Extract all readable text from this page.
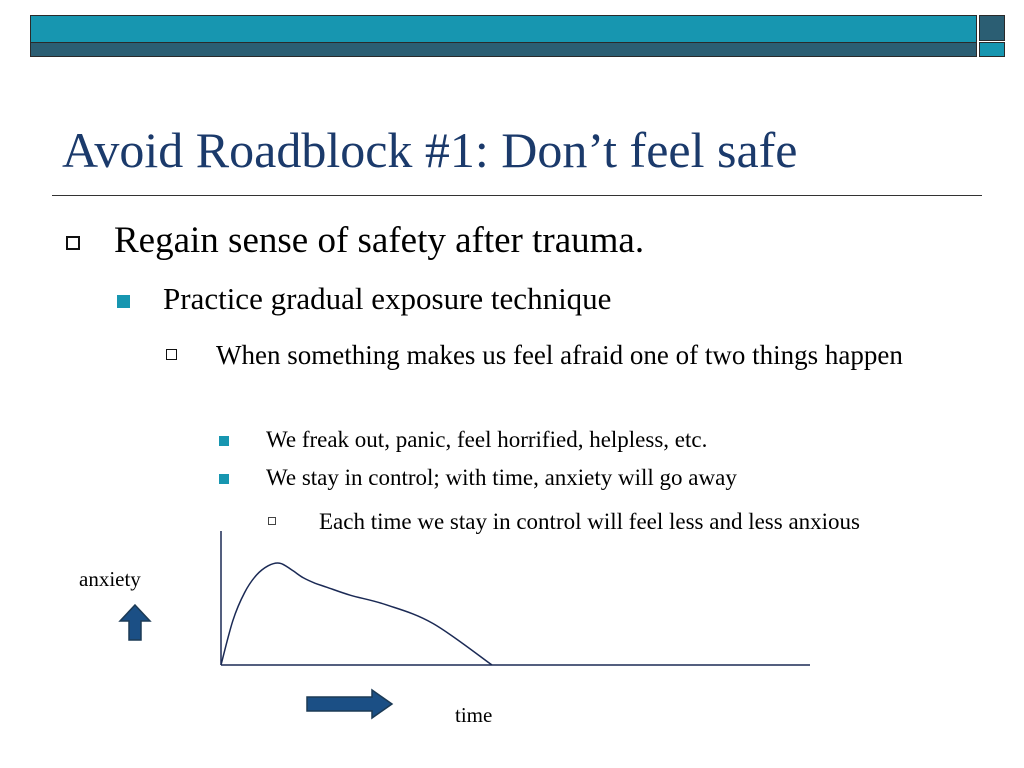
Avoid Roadblock #1: Don’t feel safe
Regain sense of safety after trauma.
Practice gradual exposure technique
When something makes us feel afraid one of two things happen
We freak out, panic, feel horrified, helpless, etc.
We stay in control; with time, anxiety will go away
Each time we stay in control will feel less and less anxious
anxiety
time
